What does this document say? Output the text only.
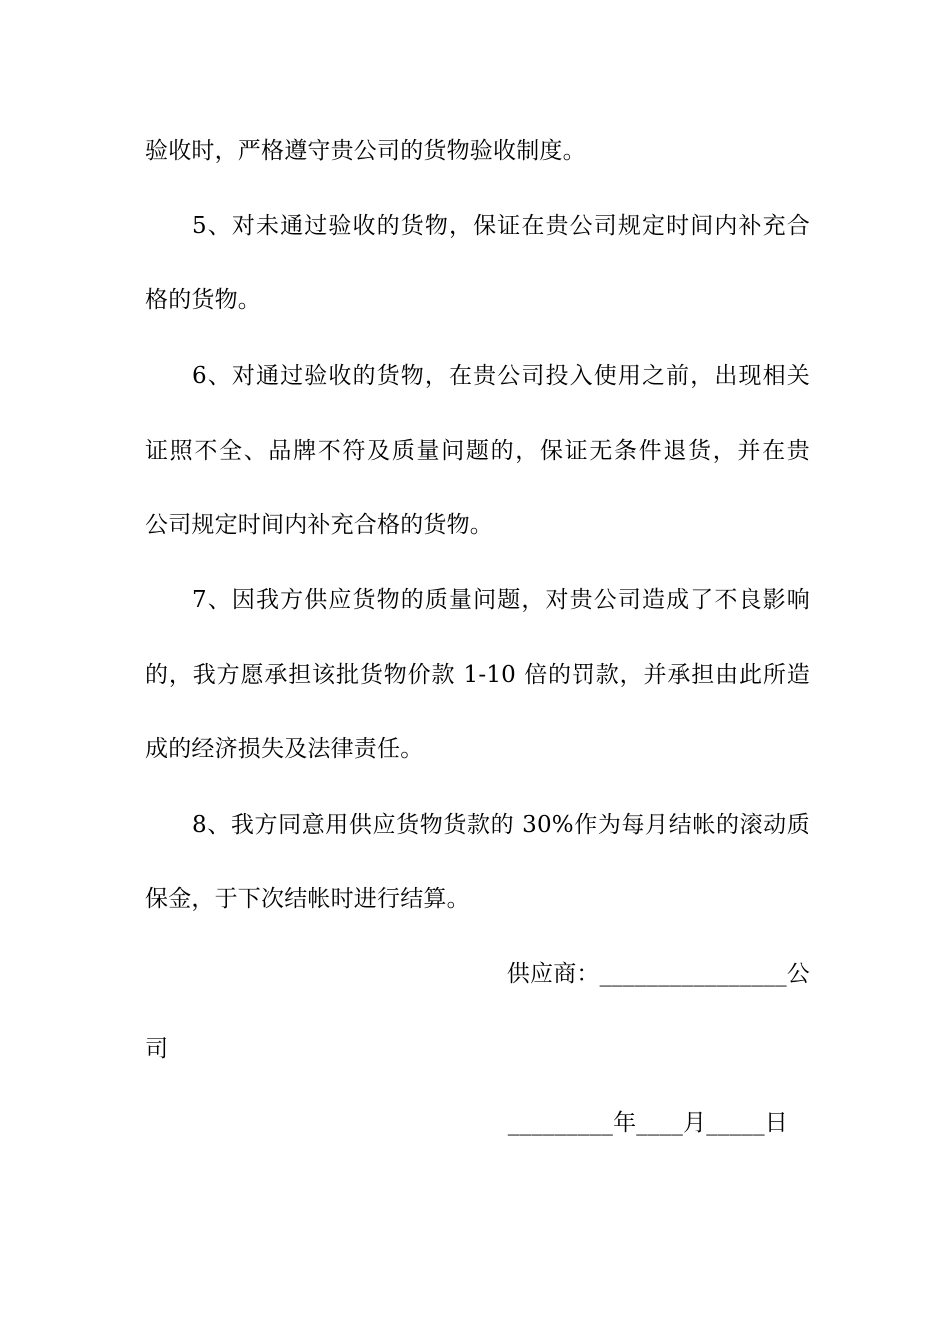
验收时，严格遵守贵公司的货物验收制度。
5、对未通过验收的货物，保证在贵公司规定时间内补充合
格的货物。
6、对通过验收的货物，在贵公司投入使用之前，出现相关
证照不全、品牌不符及质量问题的，保证无条件退货，并在贵
公司规定时间内补充合格的货物。
7、因我方供应货物的质量问题，对贵公司造成了不良影响
的，我方愿承担该批货物价款 1-10 倍的罚款，并承担由此所造
成的经济损失及法律责任。
8、我方同意用供应货物货款的 30%作为每月结帐的滚动质
保金，于下次结帐时进行结算。
供应商：________________公
司
_________年____月_____日
